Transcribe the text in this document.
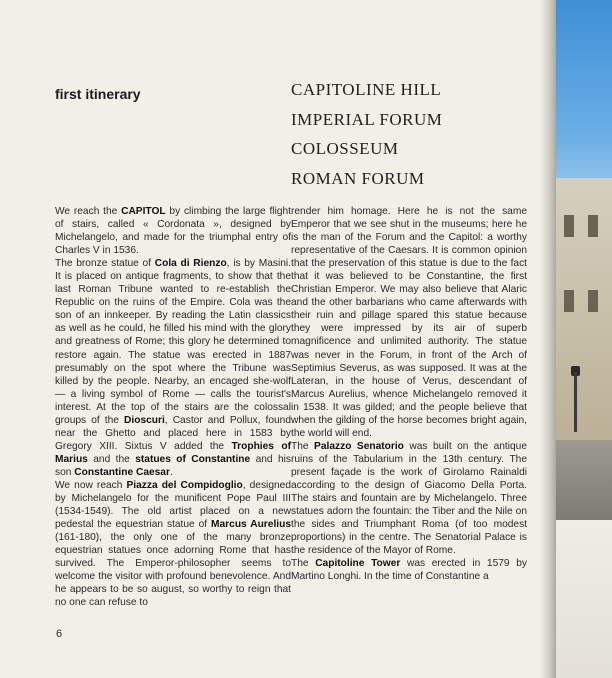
first itinerary	CAPITOLINE HILL
IMPERIAL FORUM
COLOSSEUM
ROMAN FORUM

We reach the CAPITOL by climbing the large flight of stairs, called « Cordonata », designed by Michelangelo, and made for the triumphal entry of Charles V in 1536.

The bronze statue of Cola di Rienzo, is by Masini. It is placed on antique fragments, to show that the last Roman Tribune wanted to re-establish the Republic on the ruins of the Empire. Cola was the son of an innkeeper. By reading the Latin classics as well as he could, he filled his mind with the glory and greatness of Rome; this glory he determined to restore again. The statue was erected in 1887 presumably on the spot where the Tribune was killed by the people. Nearby, an encaged she-wolf — a living symbol of Rome — calls the tourist's interest. At the top of the stairs are the colossal groups of the Dioscuri, Castor and Pollux, found near the Ghetto and placed here in 1583 by Gregory XIII. Sixtus V added the Trophies of Marius and the statues of Constantine and his son Constantine Caesar.

We now reach Piazza del Compidoglio, designed by Michelangelo for the munificent Pope Paul III (1534-1549). The old artist placed on a new pedestal the equestrian statue of Marcus Aurelius (161-180), the only one of the many bronze equestrian statues once adorning Rome that has survived. The Emperor-philosopher seems to welcome the visitor with profound benevolence. And he appears to be so august, so worthy to reign that no one can refuse to

render him homage. Here he is not the same Emperor that we see shut in the museums; here he is the man of the Forum and the Capitol: a worthy representative of the Caesars. It is common opinion that the preservation of this statue is due to the fact that it was believed to be Constantine, the first Christian Emperor. We may also believe that Alaric and the other barbarians who came afterwards with their ruin and pillage spared this statue because they were impressed by its air of superb magnificence and unlimited authority. The statue was never in the Forum, in front of the Arch of Septimius Severus, as was supposed. It was at the Lateran, in the house of Verus, descendant of Marcus Aurelius, whence Michelangelo removed it in 1538. It was gilded; and the people believe that when the gilding of the horse becomes bright again, the world will end.

The Palazzo Senatorio was built on the antique ruins of the Tabularium in the 13th century. The present façade is the work of Girolamo Rainaldi according to the design of Giacomo Della Porta. The stairs and fountain are by Michelangelo. Three statues adorn the fountain: the Tiber and the Nile on the sides and Triumphant Roma (of too modest proportions) in the centre. The Senatorial Palace is the residence of the Mayor of Rome.

The Capitoline Tower was erected in 1579 by Martino Longhi. In the time of Constantine a

6
